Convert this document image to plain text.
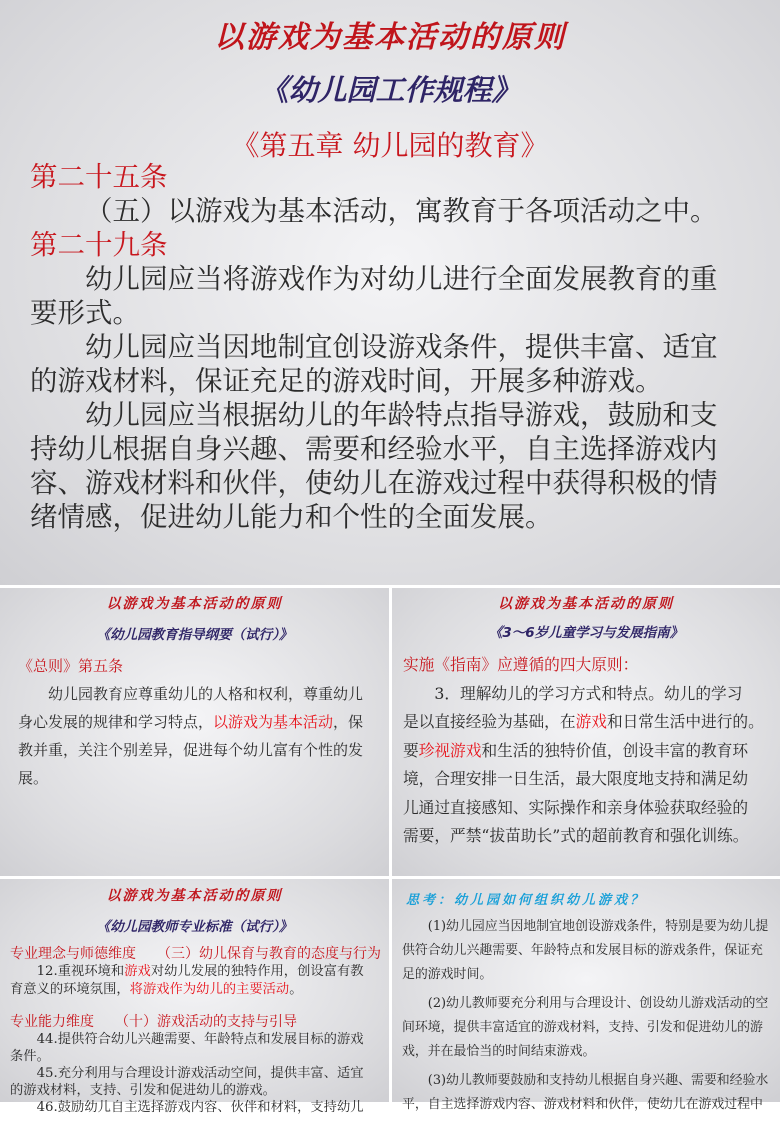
以游戏为基本活动的原则
《幼儿园工作规程》
《第五章 幼儿园的教育》
第二十五条
（五）以游戏为基本活动，寓教育于各项活动之中。
第二十九条
幼儿园应当将游戏作为对幼儿进行全面发展教育的重
要形式。
幼儿园应当因地制宜创设游戏条件，提供丰富、适宜
的游戏材料，保证充足的游戏时间，开展多种游戏。
幼儿园应当根据幼儿的年龄特点指导游戏，鼓励和支
持幼儿根据自身兴趣、需要和经验水平，自主选择游戏内
容、游戏材料和伙伴，使幼儿在游戏过程中获得积极的情
绪情感，促进幼儿能力和个性的全面发展。
以游戏为基本活动的原则
《幼儿园教育指导纲要（试行）》
《总则》第五条
幼儿园教育应尊重幼儿的人格和权利，尊重幼儿
身心发展的规律和学习特点，以游戏为基本活动，保
教并重，关注个别差异，促进每个幼儿富有个性的发
展。
以游戏为基本活动的原则
《3～6岁儿童学习与发展指南》
实施《指南》应遵循的四大原则：
3．理解幼儿的学习方式和特点。幼儿的学习
是以直接经验为基础，在游戏和日常生活中进行的。
要珍视游戏和生活的独特价值，创设丰富的教育环
境，合理安排一日生活，最大限度地支持和满足幼
儿通过直接感知、实际操作和亲身体验获取经验的
需要，严禁“拔苗助长”式的超前教育和强化训练。
以游戏为基本活动的原则
《幼儿园教师专业标准（试行）》
专业理念与师德维度　　（三）幼儿保育与教育的态度与行为
12.重视环境和游戏对幼儿发展的独特作用，创设富有教
育意义的环境氛围，将游戏作为幼儿的主要活动。
专业能力维度　　（十）游戏活动的支持与引导
44.提供符合幼儿兴趣需要、年龄特点和发展目标的游戏
条件。
45.充分利用与合理设计游戏活动空间，提供丰富、适宜
的游戏材料，支持、引发和促进幼儿的游戏。
46.鼓励幼儿自主选择游戏内容、伙伴和材料，支持幼儿
思考：幼儿园如何组织幼儿游戏？
(1)幼儿园应当因地制宜地创设游戏条件，特别是要为幼儿提
供符合幼儿兴趣需要、年龄特点和发展目标的游戏条件，保证充
足的游戏时间。
(2)幼儿教师要充分利用与合理设计、创设幼儿游戏活动的空
间环境，提供丰富适宜的游戏材料，支持、引发和促进幼儿的游
戏，并在最恰当的时间结束游戏。
(3)幼儿教师要鼓励和支持幼儿根据自身兴趣、需要和经验水
平，自主选择游戏内容、游戏材料和伙伴，使幼儿在游戏过程中
